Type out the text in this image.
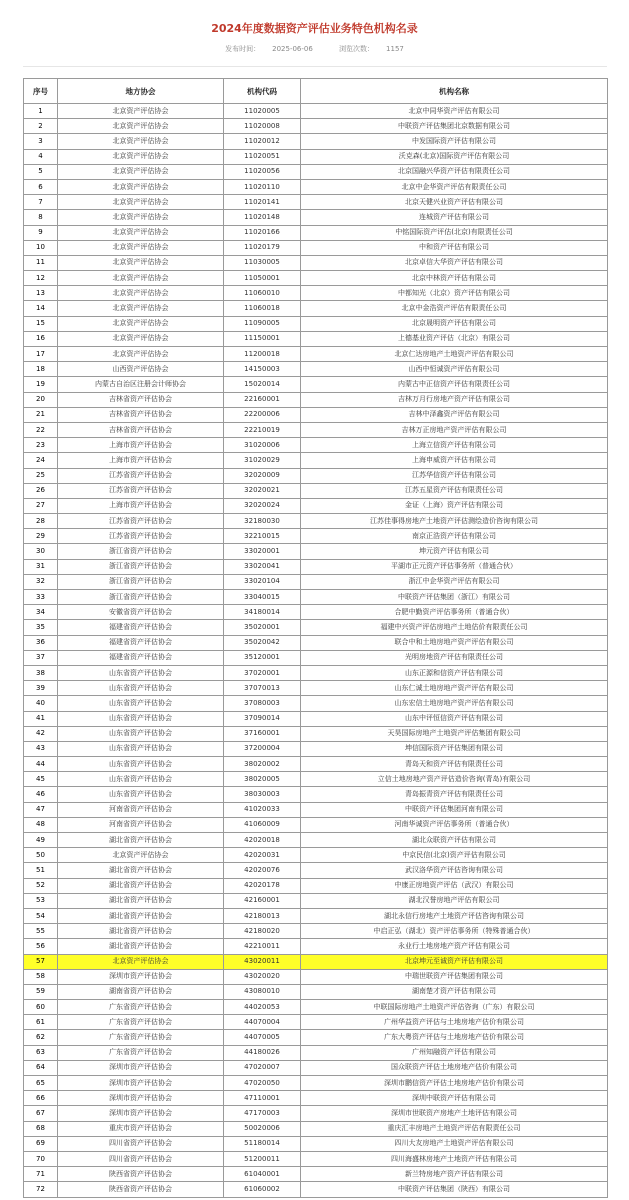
2024年度数据资产评估业务特色机构名录
发布时间： 2025-06-06	浏览次数： 1157
序号	地方协会	机构代码	机构名称
1	北京资产评估协会	11020005	北京中同华资产评估有限公司
2	北京资产评估协会	11020008	中联资产评估集团北京数据有限公司
3	北京资产评估协会	11020012	中发国际资产评估有限公司
4	北京资产评估协会	11020051	沃克森(北京)国际资产评估有限公司
5	北京资产评估协会	11020056	北京国融兴华资产评估有限责任公司
6	北京资产评估协会	11020110	北京中企华资产评估有限责任公司
7	北京资产评估协会	11020141	北京天健兴业资产评估有限公司
8	北京资产评估协会	11020148	连城资产评估有限公司
9	北京资产评估协会	11020166	中铭国际资产评估(北京)有限责任公司
10	北京资产评估协会	11020179	中和资产评估有限公司
11	北京资产评估协会	11030005	北京卓信大华资产评估有限公司
12	北京资产评估协会	11050001	北京中林资产评估有限公司
13	北京资产评估协会	11060010	中都知光（北京）资产评估有限公司
14	北京资产评估协会	11060018	北京中金浩资产评估有限责任公司
15	北京资产评估协会	11090005	北京晟明资产评估有限公司
16	北京资产评估协会	11150001	上德基业资产评估（北京）有限公司
17	北京资产评估协会	11200018	北京仁达房地产土地资产评估有限公司
18	山西资产评估协会	14150003	山西中恒诚资产评估有限公司
19	内蒙古自治区注册会计师协会	15020014	内蒙古中正信资产评估有限责任公司
20	吉林省资产评估协会	22160001	吉林万月行房地产资产评估有限公司
21	吉林省资产评估协会	22200006	吉林中泽鑫资产评估有限公司
22	吉林省资产评估协会	22210019	吉林万正房地产资产评估有限公司
23	上海市资产评估协会	31020006	上海立信资产评估有限公司
24	上海市资产评估协会	31020029	上海申威资产评估有限公司
25	江苏省资产评估协会	32020009	江苏华信资产评估有限公司
26	江苏省资产评估协会	32020021	江苏五星资产评估有限责任公司
27	上海市资产评估协会	32020024	金证（上海）资产评估有限公司
28	江苏省资产评估协会	32180030	江苏佳事得房地产土地资产评估测绘造价咨询有限公司
29	江苏省资产评估协会	32210015	南京正浩资产评估有限公司
30	浙江省资产评估协会	33020001	坤元资产评估有限公司
31	浙江省资产评估协会	33020041	平湖市正元资产评估事务所（普通合伙）
32	浙江省资产评估协会	33020104	浙江中企华资产评估有限公司
33	浙江省资产评估协会	33040015	中联资产评估集团（浙江）有限公司
34	安徽省资产评估协会	34180014	合肥中勤资产评估事务所（普通合伙）
35	福建省资产评估协会	35020001	福建中兴资产评估房地产土地估价有限责任公司
36	福建省资产评估协会	35020042	联合中和土地房地产资产评估有限公司
37	福建省资产评估协会	35120001	光明房地资产评估有限责任公司
38	山东省资产评估协会	37020001	山东正源和信资产评估有限公司
39	山东省资产评估协会	37070013	山东仁诚土地房地产资产评估有限公司
40	山东省资产评估协会	37080003	山东宏信土地房地产资产评估有限公司
41	山东省资产评估协会	37090014	山东中评恒信资产评估有限公司
42	山东省资产评估协会	37160001	天昊国际房地产土地资产评估集团有限公司
43	山东省资产评估协会	37200004	坤信国际资产评估集团有限公司
44	山东省资产评估协会	38020002	青岛天和资产评估有限责任公司
45	山东省资产评估协会	38020005	立信土地房地产资产评估造价咨询(青岛)有限公司
46	山东省资产评估协会	38030003	青岛振青资产评估有限责任公司
47	河南省资产评估协会	41020033	中联资产评估集团河南有限公司
48	河南省资产评估协会	41060009	河南华诚资产评估事务所（普通合伙）
49	湖北省资产评估协会	42020018	湖北众联资产评估有限公司
50	北京资产评估协会	42020031	中京民信(北京)资产评估有限公司
51	湖北省资产评估协会	42020076	武汉洛华资产评估咨询有限公司
52	湖北省资产评估协会	42020178	中康正房地资产评估（武汉）有限公司
53	湖北省资产评估协会	42160001	湖北汉誉房地产评估有限公司
54	湖北省资产评估协会	42180013	湖北永信行房地产土地资产评估咨询有限公司
55	湖北省资产评估协会	42180020	中启正弘（湖北）资产评估事务所（特殊普通合伙）
56	湖北省资产评估协会	42210011	永业行土地房地产资产评估有限公司
57	北京资产评估协会	43020011	北京坤元至诚资产评估有限公司
58	深圳市资产评估协会	43020020	中瑞世联资产评估集团有限公司
59	湖南省资产评估协会	43080010	湖南楚才资产评估有限公司
60	广东省资产评估协会	44020053	中联国际房地产土地资产评估咨询（广东）有限公司
61	广东省资产评估协会	44070004	广州华益资产评估与土地房地产估价有限公司
62	广东省资产评估协会	44070005	广东大粤资产评估与土地房地产估价有限公司
63	广东省资产评估协会	44180026	广州知融资产评估有限公司
64	深圳市资产评估协会	47020007	国众联资产评估土地房地产估价有限公司
65	深圳市资产评估协会	47020050	深圳市鹏信资产评估土地房地产估价有限公司
66	深圳市资产评估协会	47110001	深圳中联资产评估有限公司
67	深圳市资产评估协会	47170003	深圳市世联资产房地产土地评估有限公司
68	重庆市资产评估协会	50020006	重庆汇丰房地产土地资产评估有限责任公司
69	四川省资产评估协会	51180014	四川大友房地产土地资产评估有限公司
70	四川省资产评估协会	51200011	四川海盛林房地产土地资产评估有限公司
71	陕西省资产评估协会	61040001	新兰特房地产资产评估有限公司
72	陕西省资产评估协会	61060002	中联资产评估集团（陕西）有限公司
